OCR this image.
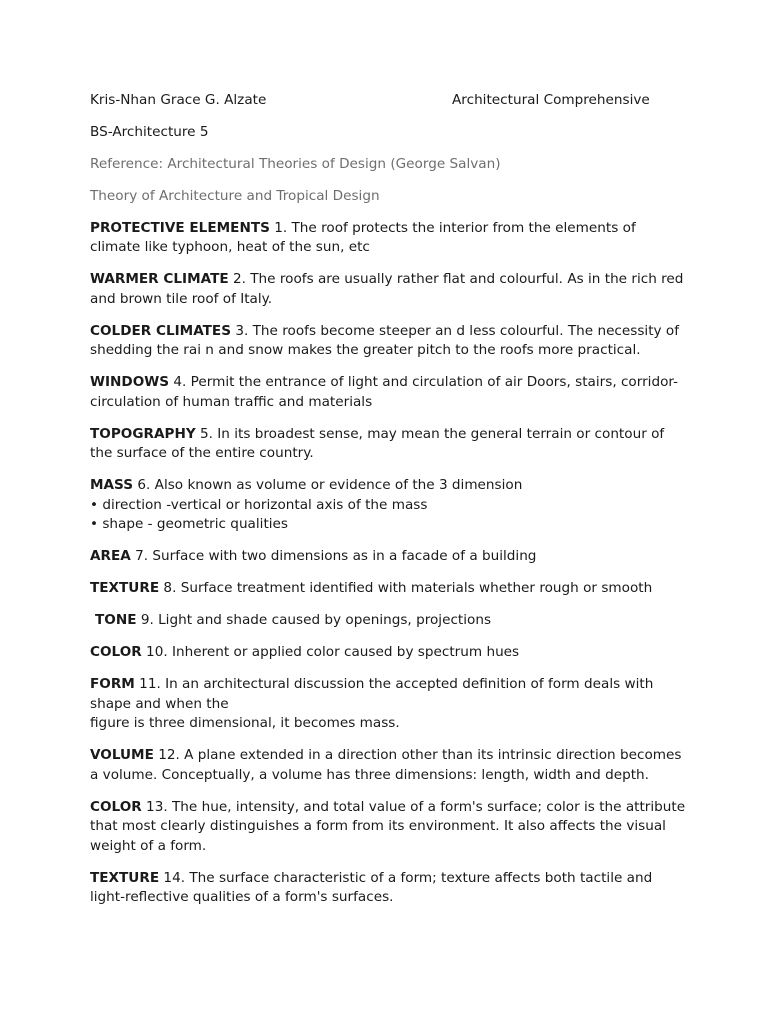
Kris-Nhan Grace G. Alzate	Architectural Comprehensive
BS-Architecture 5
Reference: Architectural Theories of Design (George Salvan)
Theory of Architecture and Tropical Design
PROTECTIVE ELEMENTS 1. The roof protects the interior from the elements of climate like typhoon, heat of the sun, etc
WARMER CLIMATE 2. The roofs are usually rather flat and colourful. As in the rich red and brown tile roof of Italy.
COLDER CLIMATES 3. The roofs become steeper an d less colourful. The necessity of shedding the rai n and snow makes the greater pitch to the roofs more practical.
WINDOWS 4. Permit the entrance of light and circulation of air Doors, stairs, corridor-circulation of human traffic and materials
TOPOGRAPHY 5. In its broadest sense, may mean the general terrain or contour of the surface of the entire country.
MASS 6. Also known as volume or evidence of the 3 dimension
• direction -vertical or horizontal axis of the mass
• shape - geometric qualities
AREA 7. Surface with two dimensions as in a facade of a building
TEXTURE 8. Surface treatment identified with materials whether rough or smooth
TONE 9. Light and shade caused by openings, projections
COLOR 10. Inherent or applied color caused by spectrum hues
FORM 11. In an architectural discussion the accepted definition of form deals with shape and when the
figure is three dimensional, it becomes mass.
VOLUME 12. A plane extended in a direction other than its intrinsic direction becomes a volume. Conceptually, a volume has three dimensions: length, width and depth.
COLOR 13. The hue, intensity, and total value of a form's surface; color is the attribute that most clearly distinguishes a form from its environment. It also affects the visual weight of a form.
TEXTURE 14. The surface characteristic of a form; texture affects both tactile and light-reflective qualities of a form's surfaces.
